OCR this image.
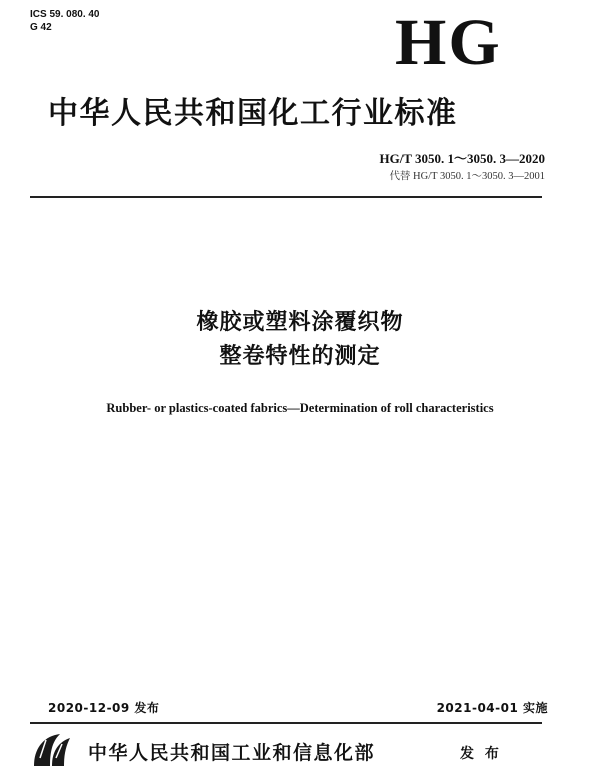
ICS 59. 080. 40
G 42	HG
中华人民共和国化工行业标准
HG/T 3050. 1～3050. 3—2020
代替 HG/T 3050. 1～3050. 3—2001
橡胶或塑料涂覆织物
整卷特性的测定
Rubber- or plastics-coated fabrics—Determination of roll characteristics
2020-12-09 发布	2021-04-01 实施
中华人民共和国工业和信息化部	发 布
